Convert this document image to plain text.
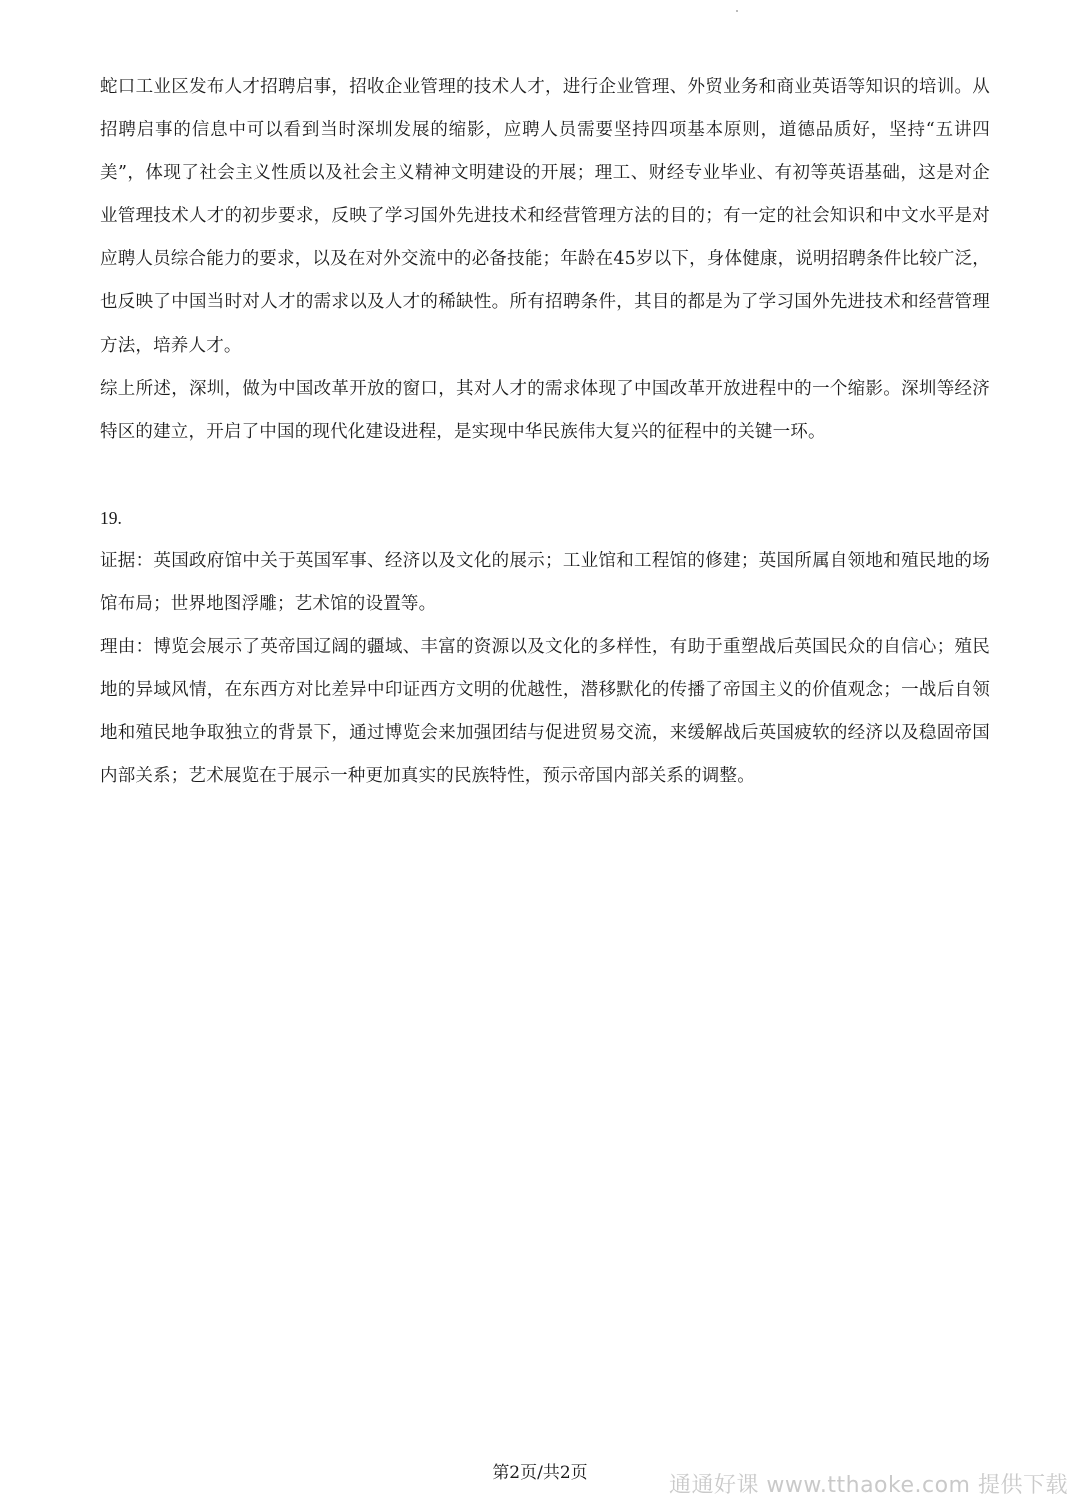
蛇口工业区发布人才招聘启事，招收企业管理的技术人才，进行企业管理、外贸业务和商业英语等知识的培训。从招聘启事的信息中可以看到当时深圳发展的缩影，应聘人员需要坚持四项基本原则，道德品质好，坚持“五讲四美”，体现了社会主义性质以及社会主义精神文明建设的开展；理工、财经专业毕业、有初等英语基础，这是对企业管理技术人才的初步要求，反映了学习国外先进技术和经营管理方法的目的；有一定的社会知识和中文水平是对应聘人员综合能力的要求，以及在对外交流中的必备技能；年龄在45岁以下，身体健康，说明招聘条件比较广泛，也反映了中国当时对人才的需求以及人才的稀缺性。所有招聘条件，其目的都是为了学习国外先进技术和经营管理方法，培养人才。

综上所述，深圳，做为中国改革开放的窗口，其对人才的需求体现了中国改革开放进程中的一个缩影。深圳等经济特区的建立，开启了中国的现代化建设进程，是实现中华民族伟大复兴的征程中的关键一环。

19.

证据：英国政府馆中关于英国军事、经济以及文化的展示；工业馆和工程馆的修建；英国所属自领地和殖民地的场馆布局；世界地图浮雕；艺术馆的设置等。

理由：博览会展示了英帝国辽阔的疆域、丰富的资源以及文化的多样性，有助于重塑战后英国民众的自信心；殖民地的异域风情，在东西方对比差异中印证西方文明的优越性，潜移默化的传播了帝国主义的价值观念；一战后自领地和殖民地争取独立的背景下，通过博览会来加强团结与促进贸易交流，来缓解战后英国疲软的经济以及稳固帝国内部关系；艺术展览在于展示一种更加真实的民族特性，预示帝国内部关系的调整。

第2页/共2页	通通好课 www.tthaoke.com 提供下载
